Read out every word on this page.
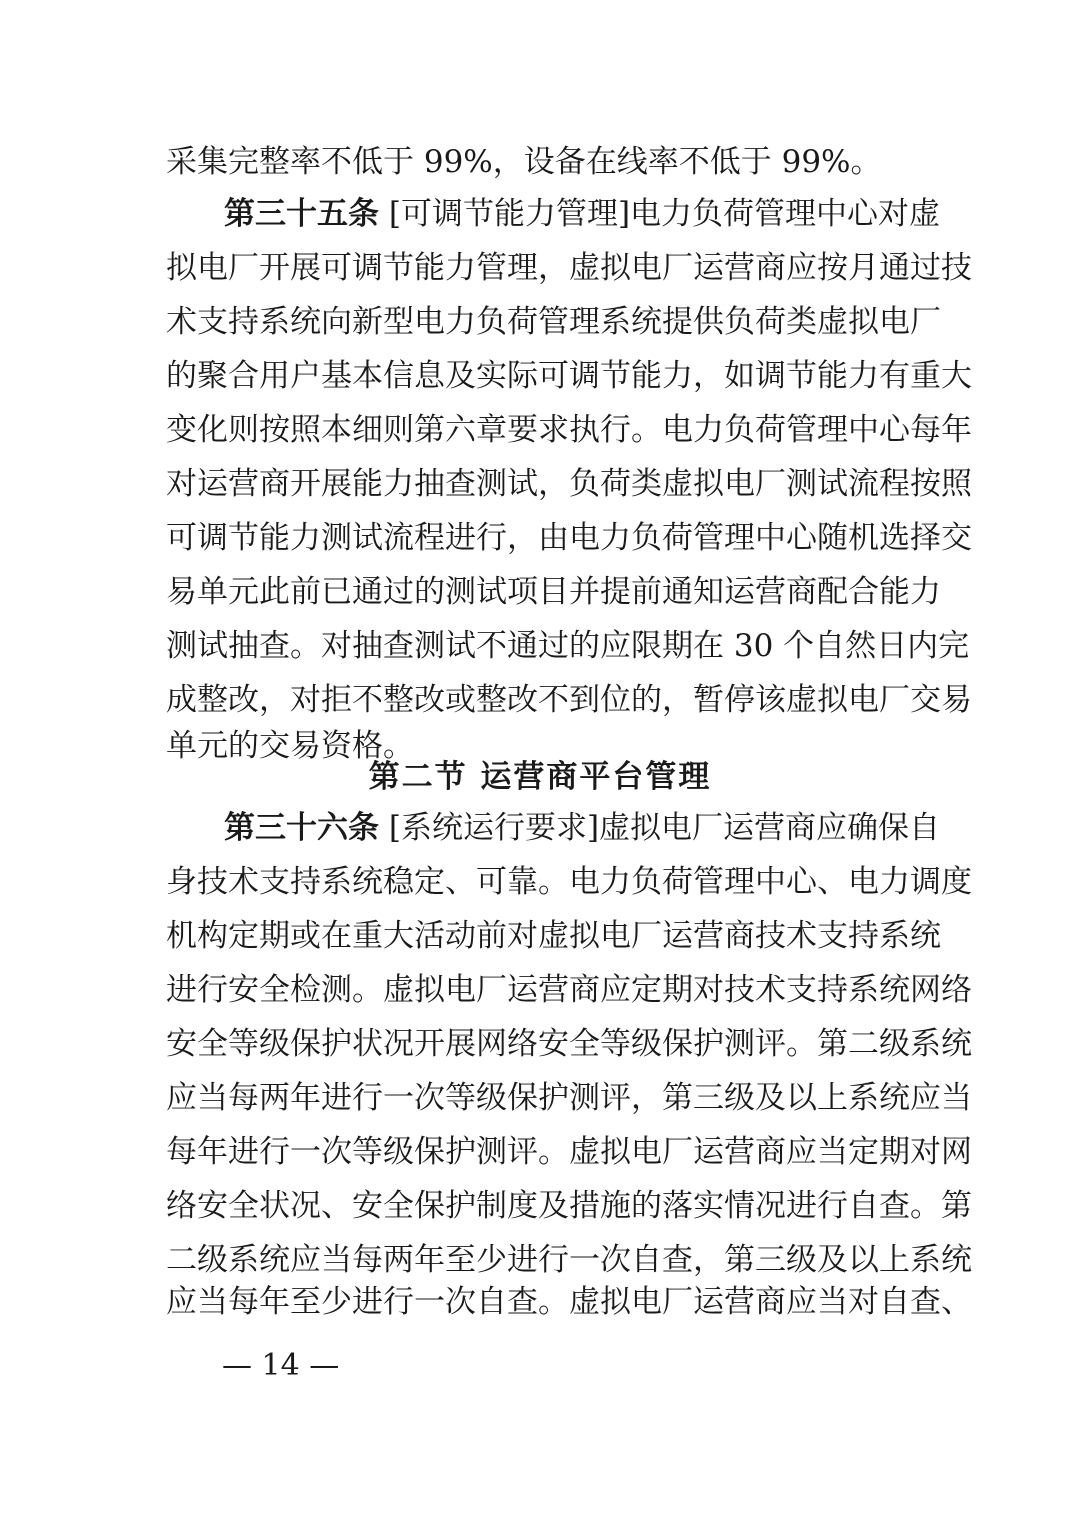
采集完整率不低于 99%，设备在线率不低于 99%。
第三十五条 [可调节能力管理]电力负荷管理中心对虚
拟电厂开展可调节能力管理，虚拟电厂运营商应按月通过技
术支持系统向新型电力负荷管理系统提供负荷类虚拟电厂
的聚合用户基本信息及实际可调节能力，如调节能力有重大
变化则按照本细则第六章要求执行。电力负荷管理中心每年
对运营商开展能力抽查测试，负荷类虚拟电厂测试流程按照
可调节能力测试流程进行，由电力负荷管理中心随机选择交
易单元此前已通过的测试项目并提前通知运营商配合能力
测试抽查。对抽查测试不通过的应限期在 30 个自然日内完
成整改，对拒不整改或整改不到位的，暂停该虚拟电厂交易
单元的交易资格。
第二节 运营商平台管理
第三十六条 [系统运行要求]虚拟电厂运营商应确保自
身技术支持系统稳定、可靠。电力负荷管理中心、电力调度
机构定期或在重大活动前对虚拟电厂运营商技术支持系统
进行安全检测。虚拟电厂运营商应定期对技术支持系统网络
安全等级保护状况开展网络安全等级保护测评。第二级系统
应当每两年进行一次等级保护测评，第三级及以上系统应当
每年进行一次等级保护测评。虚拟电厂运营商应当定期对网
络安全状况、安全保护制度及措施的落实情况进行自查。第
二级系统应当每两年至少进行一次自查，第三级及以上系统
应当每年至少进行一次自查。虚拟电厂运营商应当对自查、
— 14 —
